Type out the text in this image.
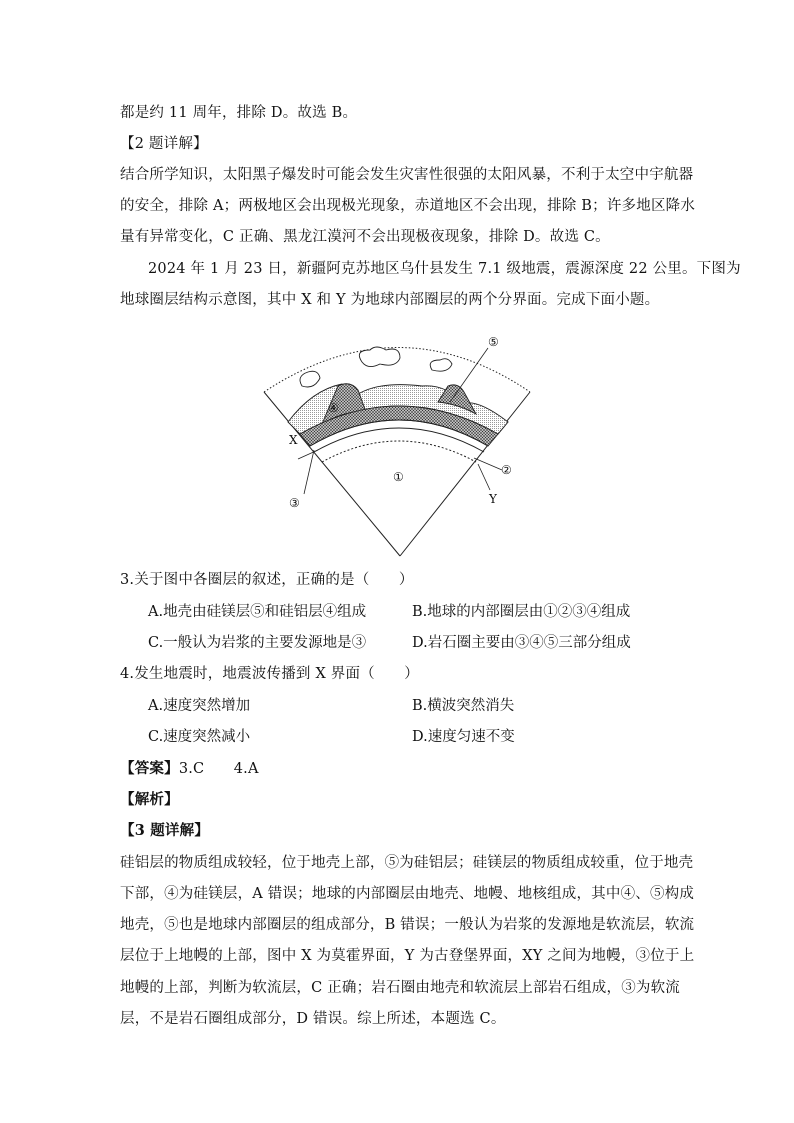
都是约 11 周年，排除 D。故选 B。
【2 题详解】
结合所学知识，太阳黑子爆发时可能会发生灾害性很强的太阳风暴，不利于太空中宇航器
的安全，排除 A；两极地区会出现极光现象，赤道地区不会出现，排除 B；许多地区降水
量有异常变化，C 正确、黑龙江漠河不会出现极夜现象，排除 D。故选 C。
2024 年 1 月 23 日，新疆阿克苏地区乌什县发生 7.1 级地震，震源深度 22 公里。下图为
地球圈层结构示意图，其中 X 和 Y 为地球内部圈层的两个分界面。完成下面小题。
⑤
④
X
③
①	②
Y
3.关于图中各圈层的叙述，正确的是（　　）
A.地壳由硅镁层⑤和硅铝层④组成	B.地球的内部圈层由①②③④组成
C.一般认为岩浆的主要发源地是③	D.岩石圈主要由③④⑤三部分组成
4.发生地震时，地震波传播到 X 界面（　　）
A.速度突然增加	B.横波突然消失
C.速度突然减小	D.速度匀速不变
【答案】3.C　　4.A
【解析】
【3 题详解】
硅铝层的物质组成较轻，位于地壳上部，⑤为硅铝层；硅镁层的物质组成较重，位于地壳
下部，④为硅镁层，A 错误；地球的内部圈层由地壳、地幔、地核组成，其中④、⑤构成
地壳，⑤也是地球内部圈层的组成部分，B 错误；一般认为岩浆的发源地是软流层，软流
层位于上地幔的上部，图中 X 为莫霍界面，Y 为古登堡界面，XY 之间为地幔，③位于上
地幔的上部，判断为软流层，C 正确；岩石圈由地壳和软流层上部岩石组成，③为软流
层，不是岩石圈组成部分，D 错误。综上所述，本题选 C。
